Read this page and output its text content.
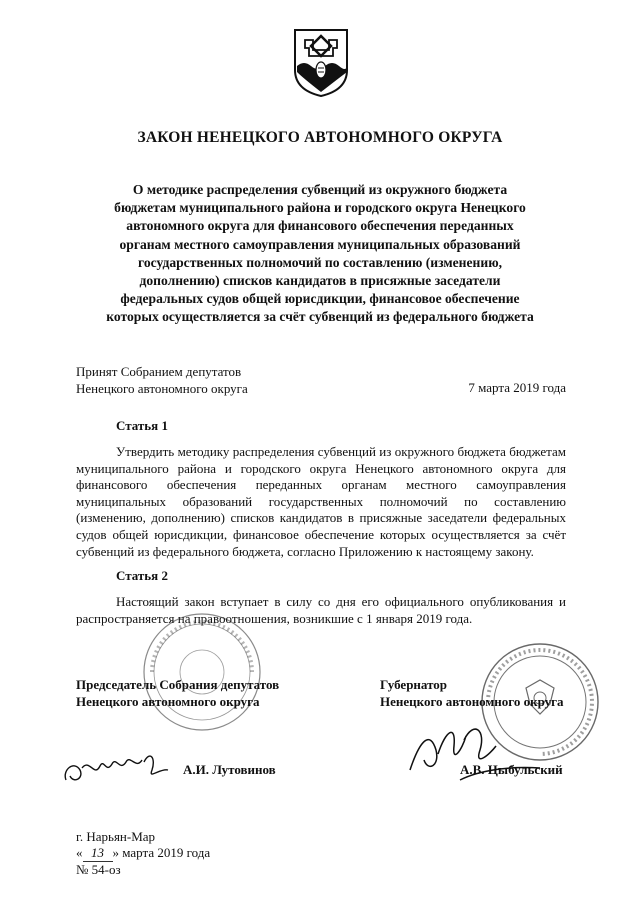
ЗАКОН НЕНЕЦКОГО АВТОНОМНОГО ОКРУГА
О методике распределения субвенций из окружного бюджета
бюджетам муниципального района и городского округа Ненецкого
автономного округа для финансового обеспечения переданных
органам местного самоуправления муниципальных образований
государственных полномочий по составлению (изменению,
дополнению) списков кандидатов в присяжные заседатели
федеральных судов общей юрисдикции, финансовое обеспечение
которых осуществляется за счёт субвенций из федерального бюджета
Принят Собранием депутатов
Ненецкого автономного округа	7 марта 2019 года
Статья 1

Утвердить методику распределения субвенций из окружного бюджета бюджетам муниципального района и городского округа Ненецкого автономного округа для финансового обеспечения переданных органам местного самоуправления муниципальных образований государственных полномочий по составлению (изменению, дополнению) списков кандидатов в присяжные заседатели федеральных судов общей юрисдикции, финансовое обеспечение которых осуществляется за счёт субвенций из федерального бюджета, согласно Приложению к настоящему закону.

Статья 2

Настоящий закон вступает в силу со дня его официального опубликования и распространяется на правоотношения, возникшие с 1 января 2019 года.

Председатель Собрания депутатов
Ненецкого автономного округа
Губернатор
Ненецкого автономного округа
А.И. Лутовинов	А.В. Цыбульский
г. Нарьян-Мар
« 13 » марта 2019 года
№ 54-оз
